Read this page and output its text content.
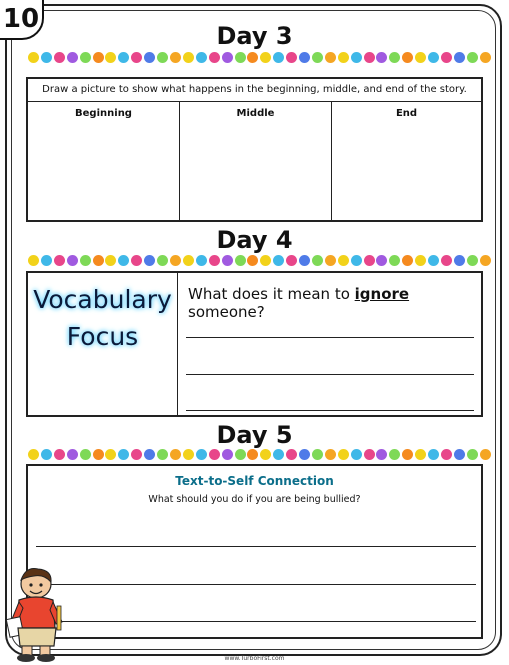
10
Day 3
Draw a picture to show what happens in the beginning, middle, and end of the story.
Beginning	Middle	End
Day 4
Vocabulary
Focus
What does it mean to ignore someone?
Day 5
Text-to-Self Connection
What should you do if you are being bullied?
www.TurboFirst.com
